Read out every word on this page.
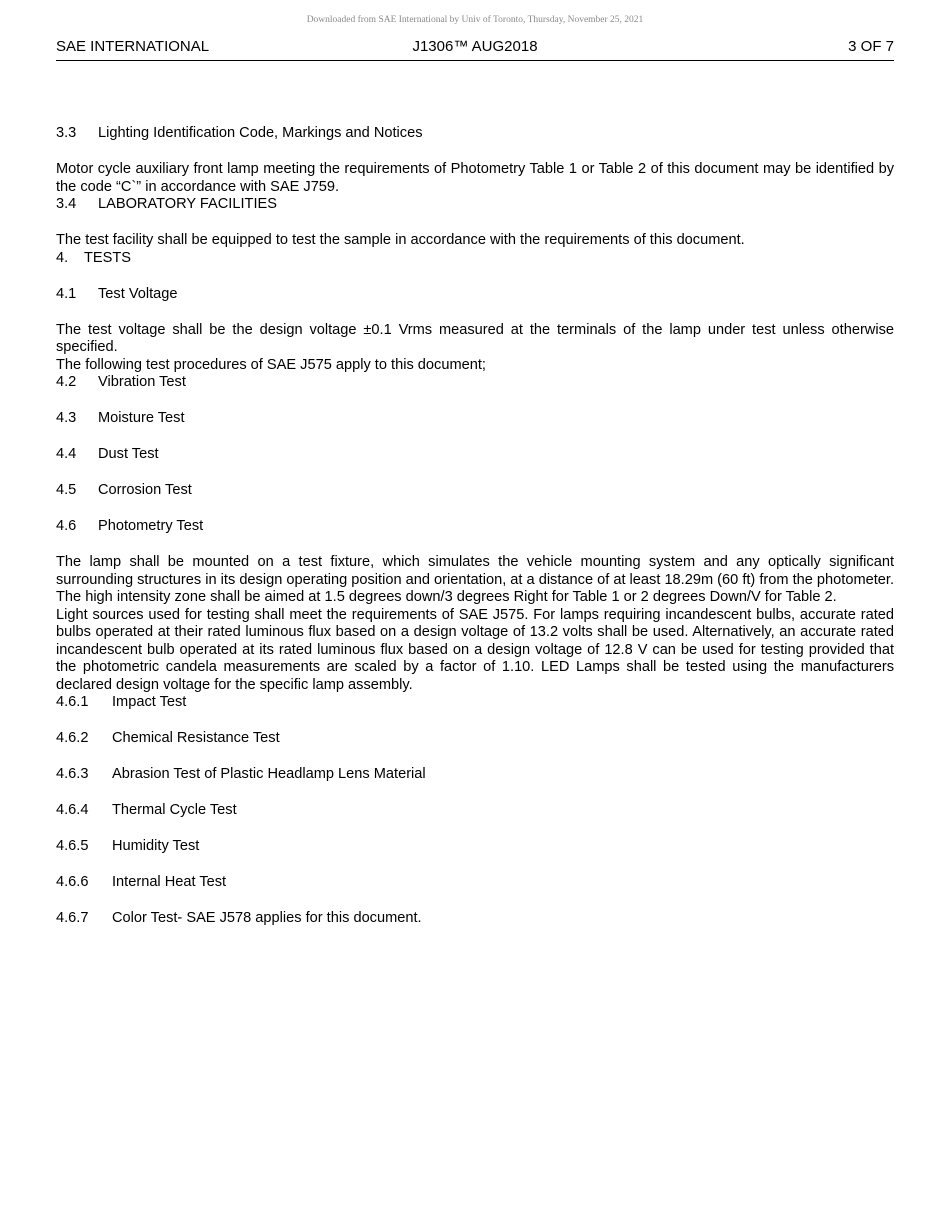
Downloaded from SAE International by Univ of Toronto, Thursday, November 25, 2021
J1306™ AUG2018
SAE INTERNATIONAL	3 OF 7
3.3	Lighting Identification Code, Markings and Notices

Motor cycle auxiliary front lamp meeting the requirements of Photometry Table 1 or Table 2 of this document may be identified by the code “C`” in accordance with SAE J759.

3.4	LABORATORY FACILITIES

The test facility shall be equipped to test the sample in accordance with the requirements of this document.

4.	TESTS
4.1	Test Voltage

The test voltage shall be the design voltage ±0.1 Vrms measured at the terminals of the lamp under test unless otherwise specified.

The following test procedures of SAE J575 apply to this document;

4.2	Vibration Test
4.3	Moisture Test
4.4	Dust Test
4.5	Corrosion Test
4.6	Photometry Test

The lamp shall be mounted on a test fixture, which simulates the vehicle mounting system and any optically significant surrounding structures in its design operating position and orientation, at a distance of at least 18.29m (60 ft) from the photometer. The high intensity zone shall be aimed at 1.5 degrees down/3 degrees Right for Table 1 or 2 degrees Down/V for Table 2.

Light sources used for testing shall meet the requirements of SAE J575. For lamps requiring incandescent bulbs, accurate rated bulbs operated at their rated luminous flux based on a design voltage of 13.2 volts shall be used. Alternatively, an accurate rated incandescent bulb operated at its rated luminous flux based on a design voltage of 12.8 V can be used for testing provided that the photometric candela measurements are scaled by a factor of 1.10. LED Lamps shall be tested using the manufacturers declared design voltage for the specific lamp assembly.

4.6.1	Impact Test
4.6.2	Chemical Resistance Test
4.6.3	Abrasion Test of Plastic Headlamp Lens Material
4.6.4	Thermal Cycle Test
4.6.5	Humidity Test
4.6.6	Internal Heat Test
4.6.7	Color Test- SAE J578 applies for this document.
